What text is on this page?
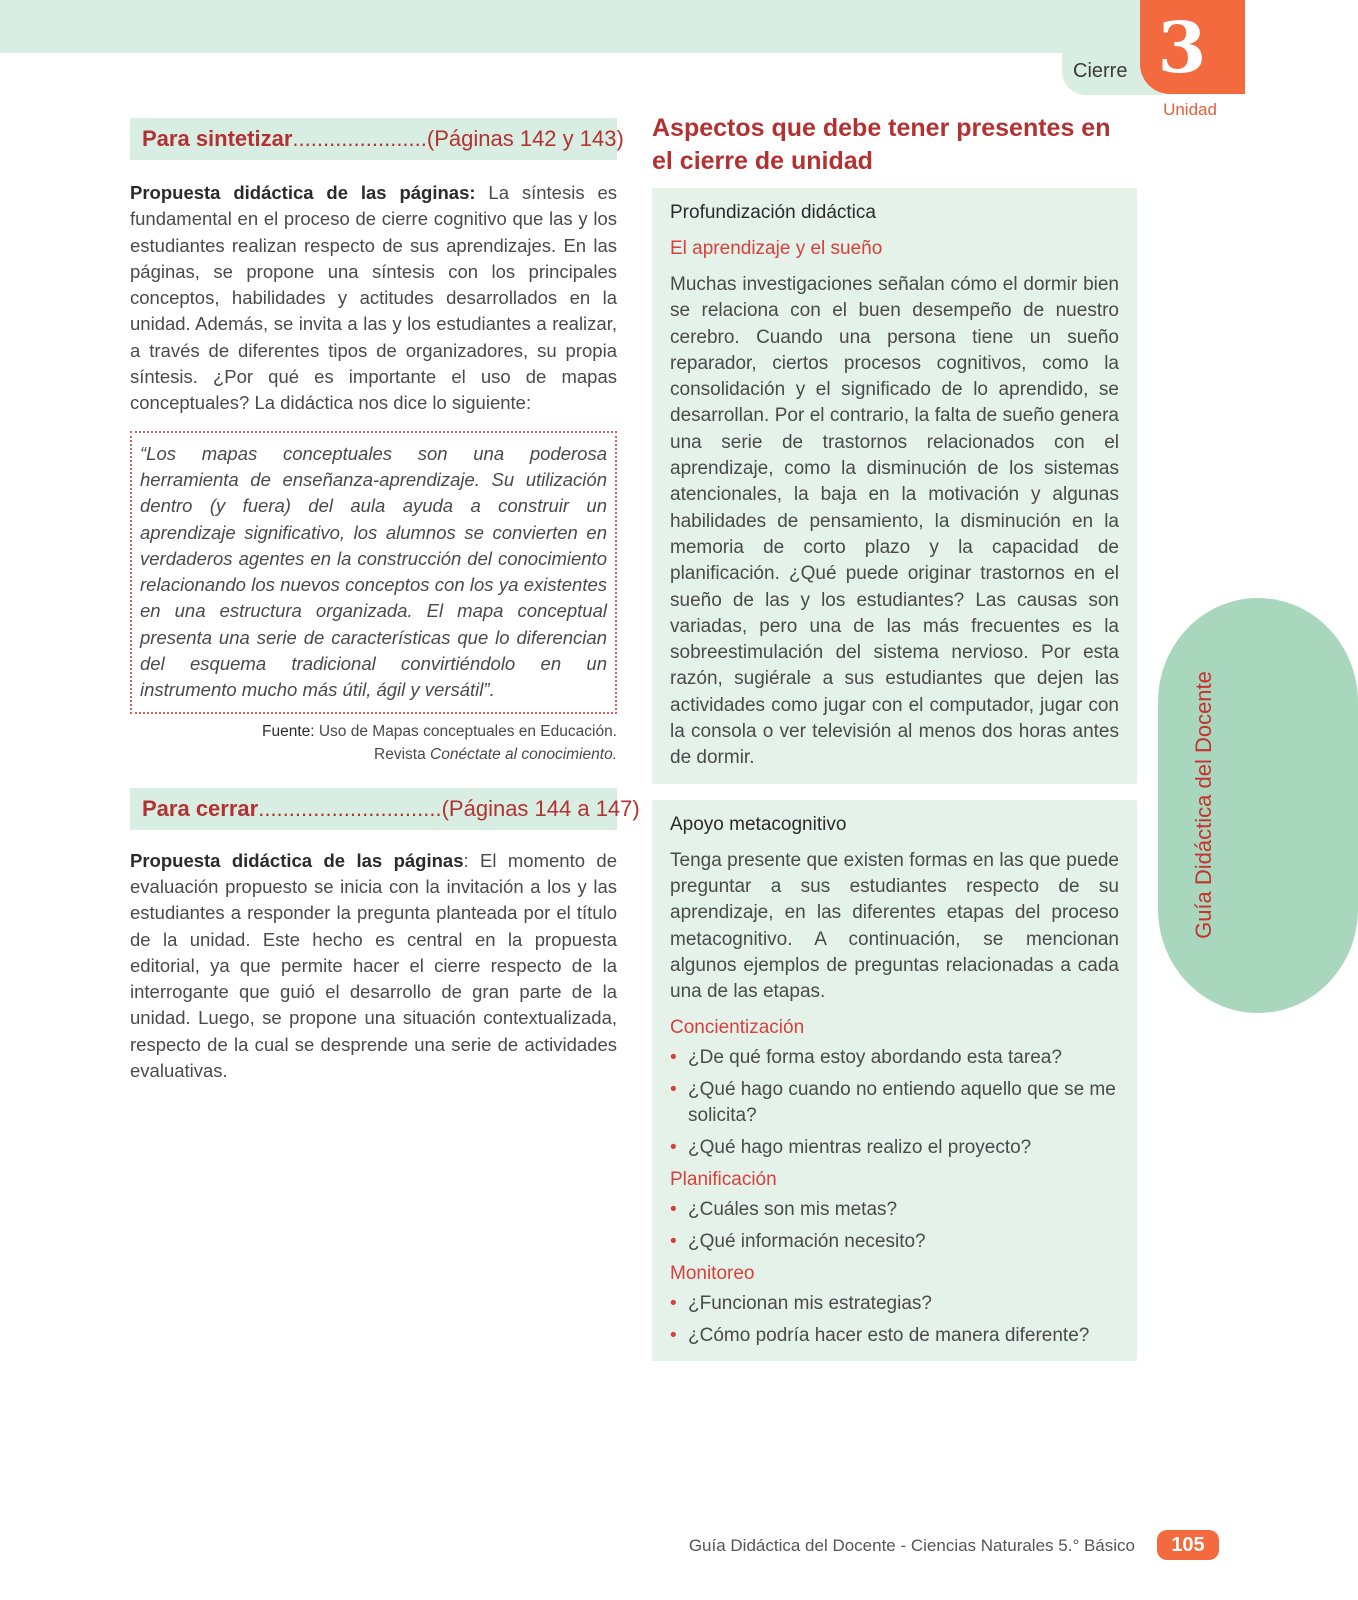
Cierre 3
Unidad
Guía Didáctica del Docente
Para sintetizar......................(Páginas 142 y 143)

Propuesta didáctica de las páginas: La síntesis es fundamental en el proceso de cierre cognitivo que las y los estudiantes realizan respecto de sus aprendizajes. En las páginas, se propone una síntesis con los principales conceptos, habilidades y actitudes desarrollados en la unidad. Además, se invita a las y los estudiantes a realizar, a través de diferentes tipos de organizadores, su propia síntesis. ¿Por qué es importante el uso de mapas conceptuales? La didáctica nos dice lo siguiente:

“Los mapas conceptuales son una poderosa herramienta de enseñanza-aprendizaje. Su utilización dentro (y fuera) del aula ayuda a construir un aprendizaje significativo, los alumnos se convierten en verdaderos agentes en la construcción del conocimiento relacionando los nuevos conceptos con los ya existentes en una estructura organizada. El mapa conceptual presenta una serie de características que lo diferencian del esquema tradicional convirtiéndolo en un instrumento mucho más útil, ágil y versátil”.
Fuente: Uso de Mapas conceptuales en Educación.
Revista Conéctate al conocimiento.
Para cerrar..............................(Páginas 144 a 147)

Propuesta didáctica de las páginas: El momento de evaluación propuesto se inicia con la invitación a los y las estudiantes a responder la pregunta planteada por el título de la unidad. Este hecho es central en la propuesta editorial, ya que permite hacer el cierre respecto de la interrogante que guió el desarrollo de gran parte de la unidad. Luego, se propone una situación contextualizada, respecto de la cual se desprende una serie de actividades evaluativas.

Aspectos que debe tener presentes en el cierre de unidad
Profundización didáctica
El aprendizaje y el sueño

Muchas investigaciones señalan cómo el dormir bien se relaciona con el buen desempeño de nuestro cerebro. Cuando una persona tiene un sueño reparador, ciertos procesos cognitivos, como la consolidación y el significado de lo aprendido, se desarrollan. Por el contrario, la falta de sueño genera una serie de trastornos relacionados con el aprendizaje, como la disminución de los sistemas atencionales, la baja en la motivación y algunas habilidades de pensamiento, la disminución en la memoria de corto plazo y la capacidad de planificación. ¿Qué puede originar trastornos en el sueño de las y los estudiantes? Las causas son variadas, pero una de las más frecuentes es la sobreestimulación del sistema nervioso. Por esta razón, sugiérale a sus estudiantes que dejen las actividades como jugar con el computador, jugar con la consola o ver televisión al menos dos horas antes de dormir.

Apoyo metacognitivo

Tenga presente que existen formas en las que puede preguntar a sus estudiantes respecto de su aprendizaje, en las diferentes etapas del proceso metacognitivo. A continuación, se mencionan algunos ejemplos de preguntas relacionadas a cada una de las etapas.

Concientización
• ¿De qué forma estoy abordando esta tarea?
• ¿Qué hago cuando no entiendo aquello que se me solicita?
• ¿Qué hago mientras realizo el proyecto?
Planificación
• ¿Cuáles son mis metas?
• ¿Qué información necesito?
Monitoreo
• ¿Funcionan mis estrategias?
• ¿Cómo podría hacer esto de manera diferente?
Guía Didáctica del Docente - Ciencias Naturales 5.° Básico	105
